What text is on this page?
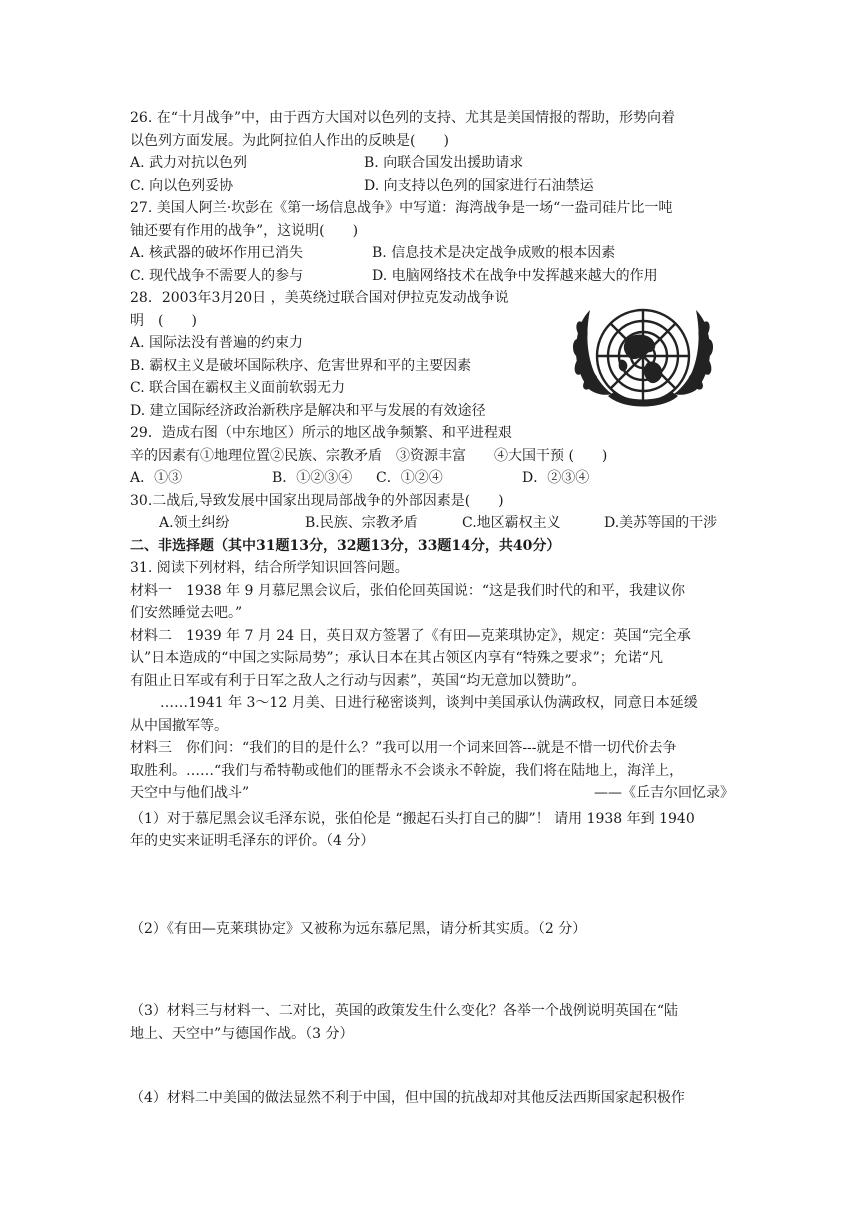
26. 在“十月战争”中，由于西方大国对以色列的支持、尤其是美国情报的帮助，形势向着
以色列方面发展。为此阿拉伯人作出的反映是(　　)
A. 武力对抗以色列	B. 向联合国发出援助请求
C. 向以色列妥协	D. 向支持以色列的国家进行石油禁运
27. 美国人阿兰·坎彭在《第一场信息战争》中写道：海湾战争是一场“一盎司硅片比一吨
铀还要有作用的战争”，这说明(　　)
A. 核武器的破坏作用已消失	B. 信息技术是决定战争成败的根本因素
C. 现代战争不需要人的参与	D. 电脑网络技术在战争中发挥越来越大的作用
28．2003年3月20日 ，美英绕过联合国对伊拉克发动战争说
明　(　　)
A. 国际法没有普遍的约束力
B. 霸权主义是破坏国际秩序、危害世界和平的主要因素
C. 联合国在霸权主义面前软弱无力
D. 建立国际经济政治新秩序是解决和平与发展的有效途径
29．造成右图（中东地区）所示的地区战争频繁、和平进程艰
辛的因素有①地理位置②民族、宗教矛盾　③资源丰富　　④大国干预 (　　)
A．①③	B．①②③④ C．①②④	D．②③④
30.二战后,导致发展中国家出现局部战争的外部因素是(　　)
A.领土纠纷	B.民族、宗教矛盾	C.地区霸权主义	D.美苏等国的干涉
二、非选择题（其中31题13分，32题13分，33题14分，共40分）
31. 阅读下列材料，结合所学知识回答问题。
材料一　1938 年 9 月慕尼黑会议后，张伯伦回英国说：“这是我们时代的和平，我建议你
们安然睡觉去吧。”
材料二　1939 年 7 月 24 日，英日双方签署了《有田—克莱琪协定》，规定：英国“完全承
认”日本造成的“中国之实际局势”；承认日本在其占领区内享有“特殊之要求”；允诺“凡
有阻止日军或有利于日军之敌人之行动与因素”，英国“均无意加以赞助”。
……1941 年 3～12 月美、日进行秘密谈判，谈判中美国承认伪满政权，同意日本延缓
从中国撤军等。
材料三　你们问：“我们的目的是什么？”我可以用一个词来回答---就是不惜一切代价去争
取胜利。……“我们与希特勒或他们的匪帮永不会谈永不幹旋，我们将在陆地上，海洋上，
天空中与他们战斗”	——《丘吉尔回忆录》
（1）对于慕尼黑会议毛泽东说，张伯伦是 “搬起石头打自己的脚”！ 请用 1938 年到 1940
年的史实来证明毛泽东的评价。（4 分）
（2）《有田—克莱琪协定》又被称为远东慕尼黑，请分析其实质。（2 分）
（3）材料三与材料一、二对比，英国的政策发生什么变化？各举一个战例说明英国在“陆
地上、天空中”与德国作战。（3 分）
（4）材料二中美国的做法显然不利于中国，但中国的抗战却对其他反法西斯国家起积极作
